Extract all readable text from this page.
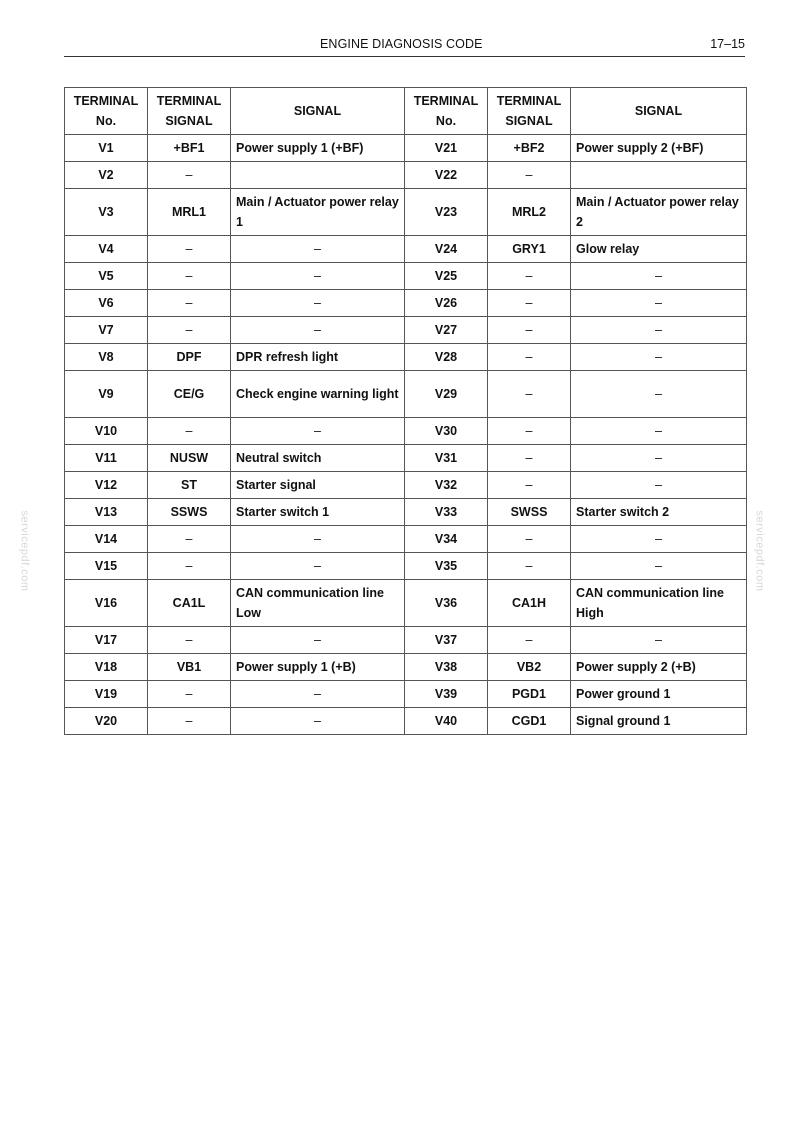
ENGINE DIAGNOSIS CODE	17–15
servicepdf.com	servicepdf.com
TERMINAL No.	TERMINAL SIGNAL	SIGNAL	TERMINAL No.	TERMINAL SIGNAL	SIGNAL
V1	+BF1	Power supply 1 (+BF)	V21	+BF2	Power supply 2 (+BF)
V2	–		V22	–	
V3	MRL1	Main / Actuator power relay 1	V23	MRL2	Main / Actuator power relay 2
V4	–	–	V24	GRY1	Glow relay
V5	–	–	V25	–	–
V6	–	–	V26	–	–
V7	–	–	V27	–	–
V8	DPF	DPR refresh light	V28	–	–
V9	CE/G	Check engine warning light	V29	–	–
V10	–	–	V30	–	–
V11	NUSW	Neutral switch	V31	–	–
V12	ST	Starter signal	V32	–	–
V13	SSWS	Starter switch 1	V33	SWSS	Starter switch 2
V14	–	–	V34	–	–
V15	–	–	V35	–	–
V16	CA1L	CAN communication line Low	V36	CA1H	CAN communication line High
V17	–	–	V37	–	–
V18	VB1	Power supply 1 (+B)	V38	VB2	Power supply 2 (+B)
V19	–	–	V39	PGD1	Power ground 1
V20	–	–	V40	CGD1	Signal ground 1
